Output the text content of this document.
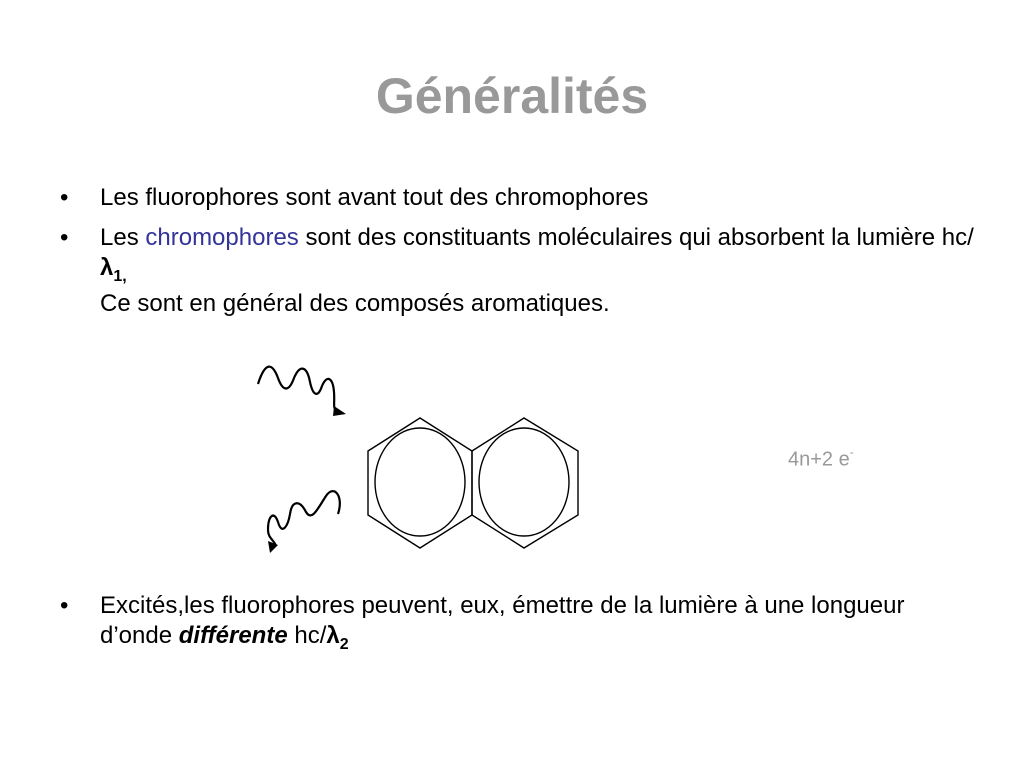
Généralités
• Les fluorophores sont avant tout des chromophores
• Les chromophores sont des constituants moléculaires qui absorbent la lumière $hc/\lambda_{1,}$
Ce sont en général des composés aromatiques.
4n+2 e-
• Excités,les fluorophores peuvent, eux, émettre de la lumière à une longueur d’onde différente $hc/\lambda_2$
